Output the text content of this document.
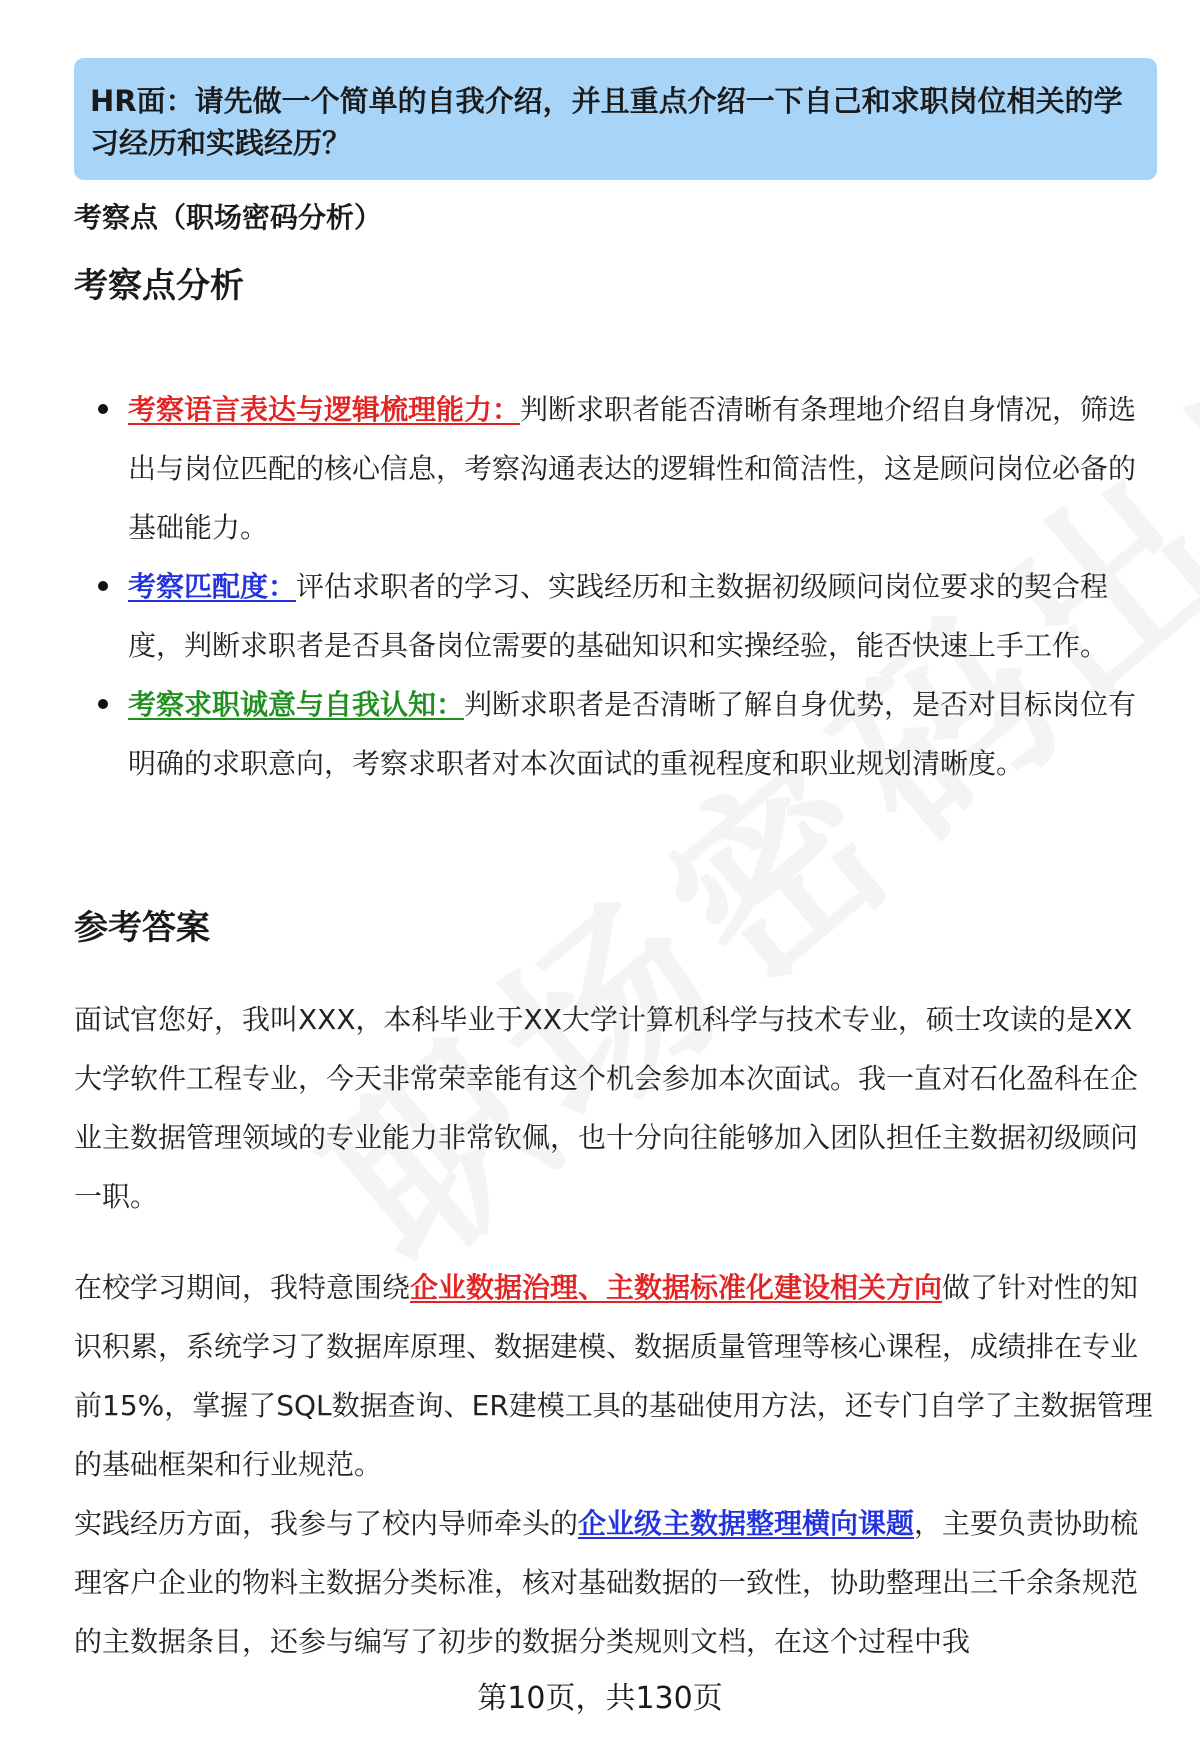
HR面：请先做一个简单的自我介绍，并且重点介绍一下自己和求职岗位相关的学习经历和实践经历？
考察点（职场密码分析）
考察点分析
考察语言表达与逻辑梳理能力：判断求职者能否清晰有条理地介绍自身情况，筛选出与岗位匹配的核心信息，考察沟通表达的逻辑性和简洁性，这是顾问岗位必备的基础能力。
考察匹配度：评估求职者的学习、实践经历和主数据初级顾问岗位要求的契合程度，判断求职者是否具备岗位需要的基础知识和实操经验，能否快速上手工作。
考察求职诚意与自我认知：判断求职者是否清晰了解自身优势，是否对目标岗位有明确的求职意向，考察求职者对本次面试的重视程度和职业规划清晰度。
参考答案

面试官您好，我叫XXX，本科毕业于XX大学计算机科学与技术专业，硕士攻读的是XX大学软件工程专业，今天非常荣幸能有这个机会参加本次面试。我一直对石化盈科在企业主数据管理领域的专业能力非常钦佩，也十分向往能够加入团队担任主数据初级顾问一职。

在校学习期间，我特意围绕企业数据治理、主数据标准化建设相关方向做了针对性的知识积累，系统学习了数据库原理、数据建模、数据质量管理等核心课程，成绩排在专业前15%，掌握了SQL数据查询、ER建模工具的基础使用方法，还专门自学了主数据管理的基础框架和行业规范。

实践经历方面，我参与了校内导师牵头的企业级主数据整理横向课题，主要负责协助梳理客户企业的物料主数据分类标准，核对基础数据的一致性，协助整理出三千余条规范的主数据条目，还参与编写了初步的数据分类规则文档，在这个过程中我

第10页，共130页
